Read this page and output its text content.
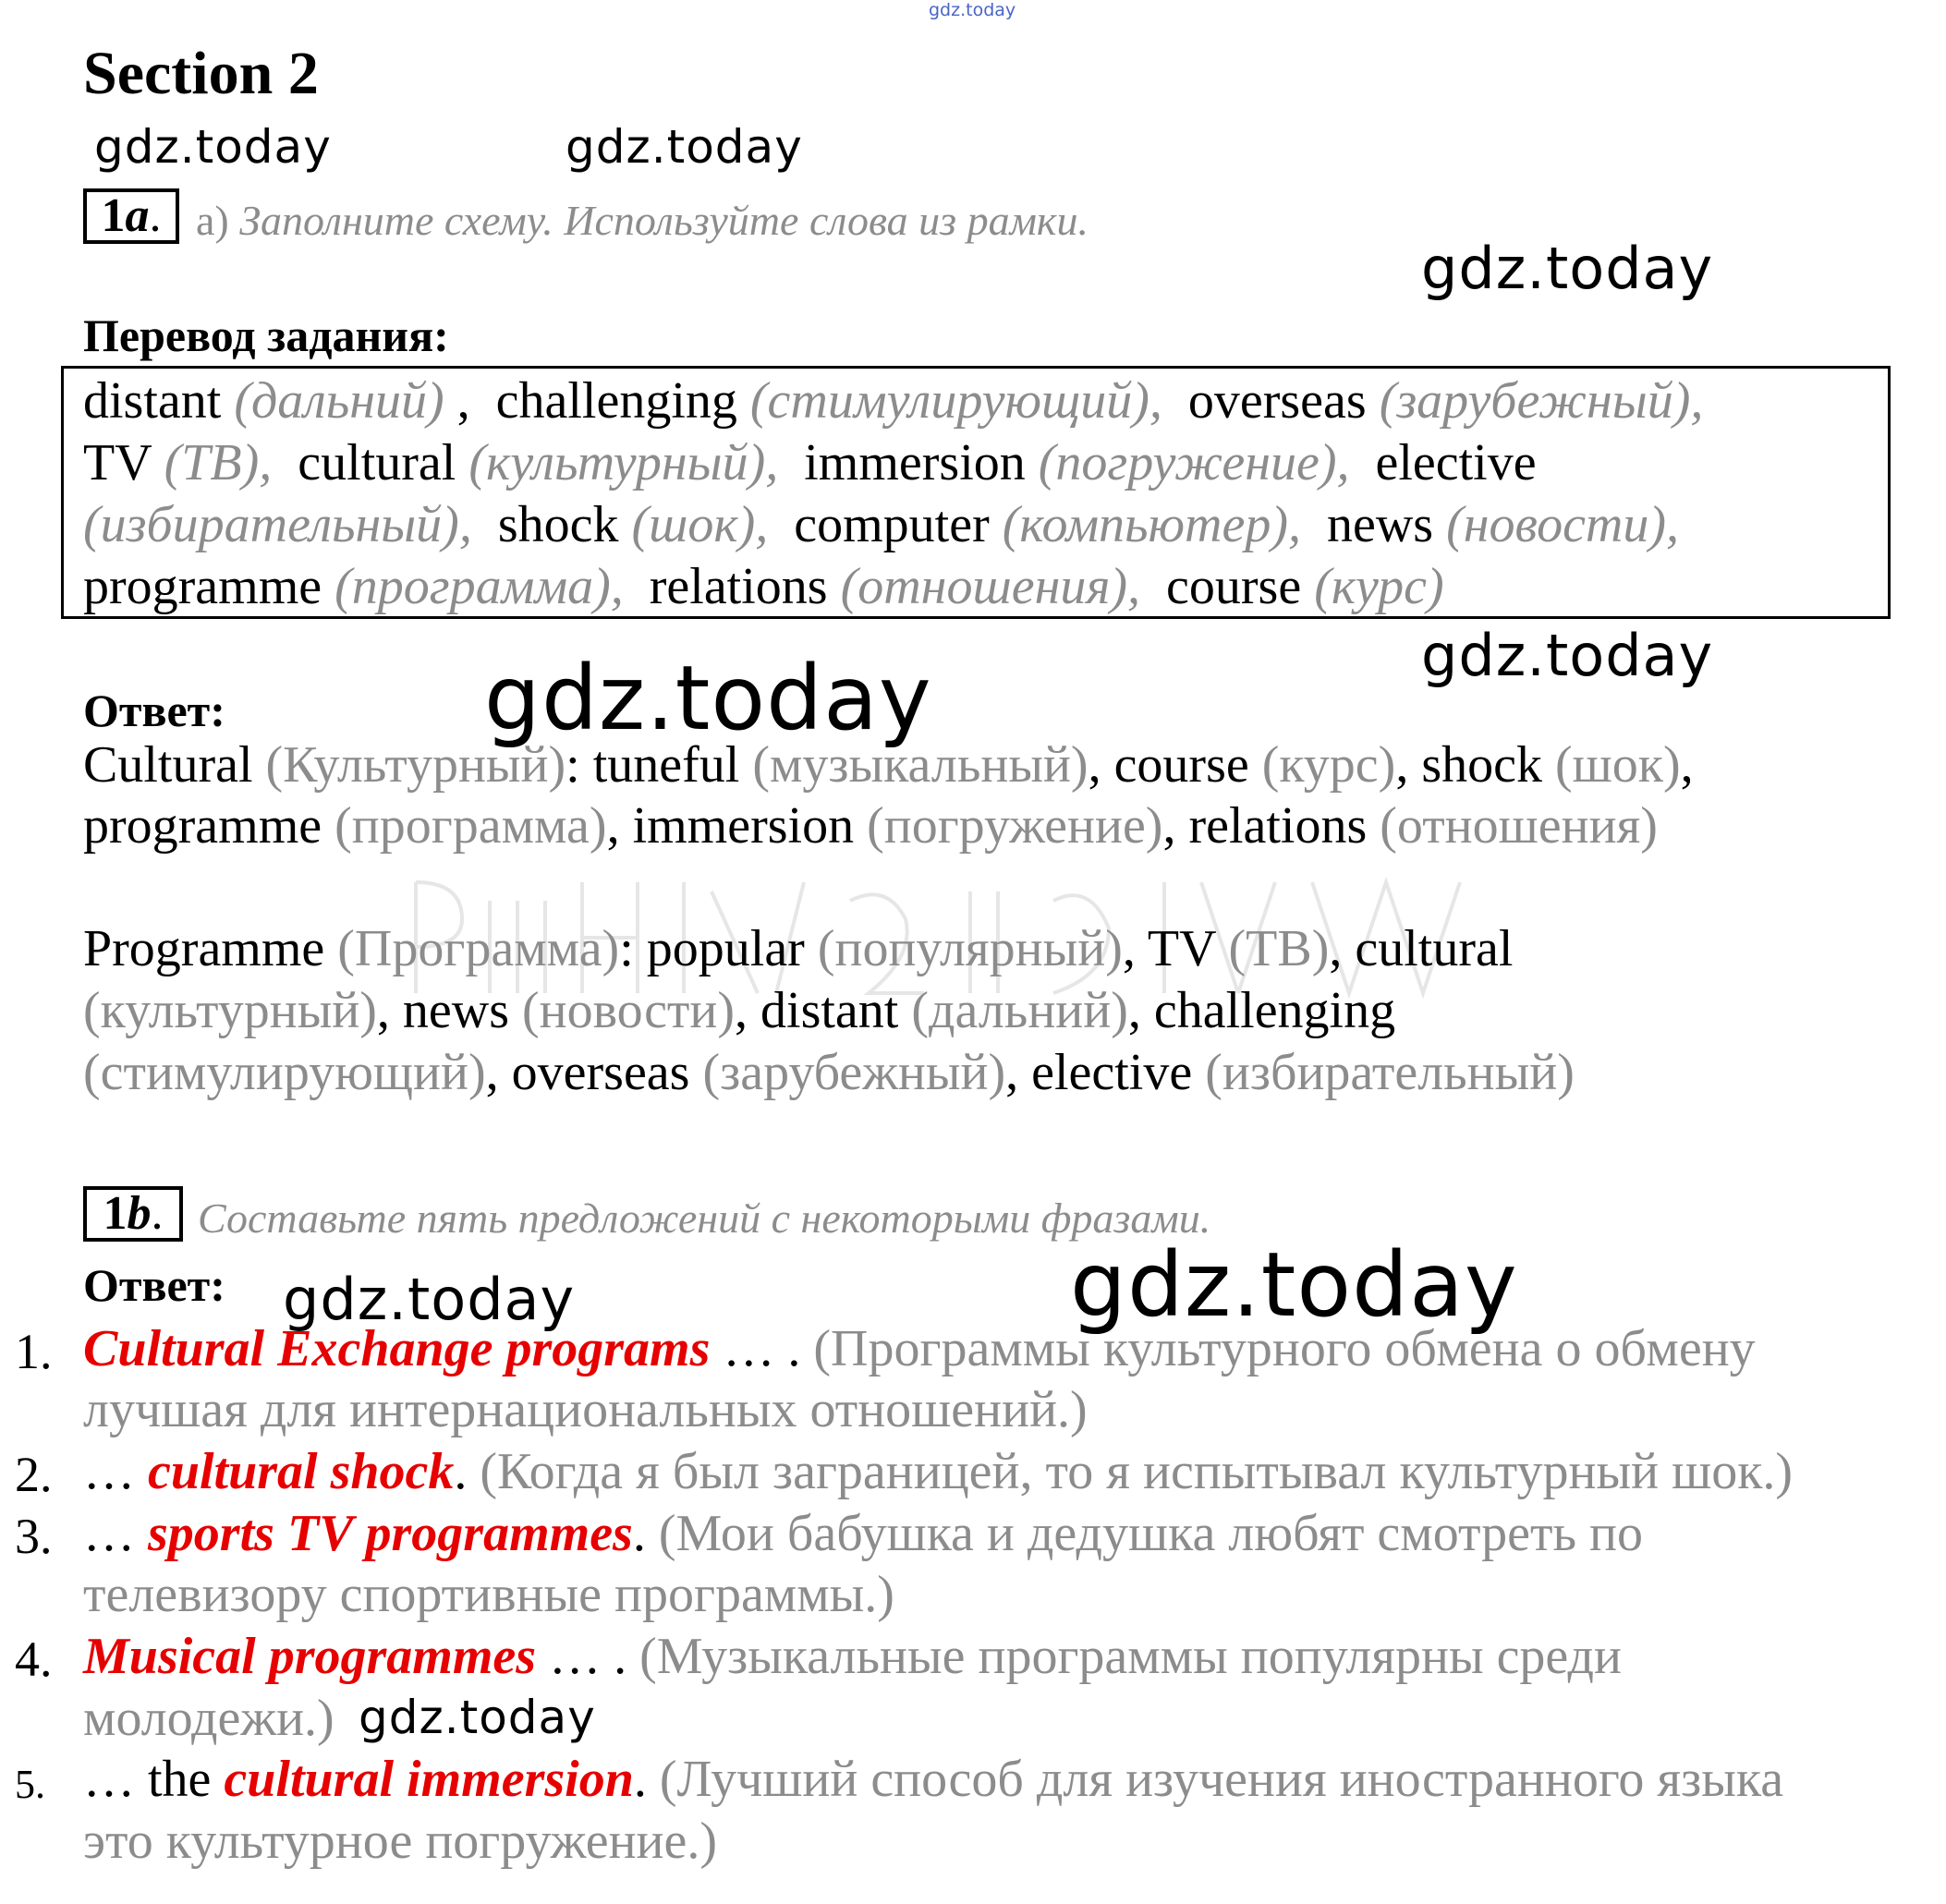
gdz.today
Section 2
gdz.today	gdz.today
gdz.today
gdz.today
gdz.today
gdz.today	gdz.today
gdz.today
1a. a) Заполните схему. Используйте слова из рамки.
Перевод задания:
distant (дальний) , challenging (стимулирующий), overseas (зарубежный),
TV (ТВ), cultural (культурный), immersion (погружение), elective
(избирательный), shock (шок), computer (компьютер), news (новости),
programme (программа), relations (отношения), course (курс)
Ответ:
Cultural (Культурный): tuneful (музыкальный), course (курс), shock (шок),
programme (программа), immersion (погружение), relations (отношения)
Programme (Программа): popular (популярный), TV (ТВ), cultural
(культурный), news (новости), distant (дальний), challenging
(стимулирующий), overseas (зарубежный), elective (избирательный)
1b. Составьте пять предложений с некоторыми фразами.
Ответ:
1. Cultural Exchange programs … . (Программы культурного обмена о обмену
лучшая для интернациональных отношений.)
2. … cultural shock. (Когда я был заграницей, то я испытывал культурный шок.)
3. … sports TV programmes. (Мои бабушка и дедушка любят смотреть по
телевизору спортивные программы.)
4. Musical programmes … . (Музыкальные программы популярны среди
молодежи.)
5. … the cultural immersion. (Лучший способ для изучения иностранного языка
это культурное погружение.)
